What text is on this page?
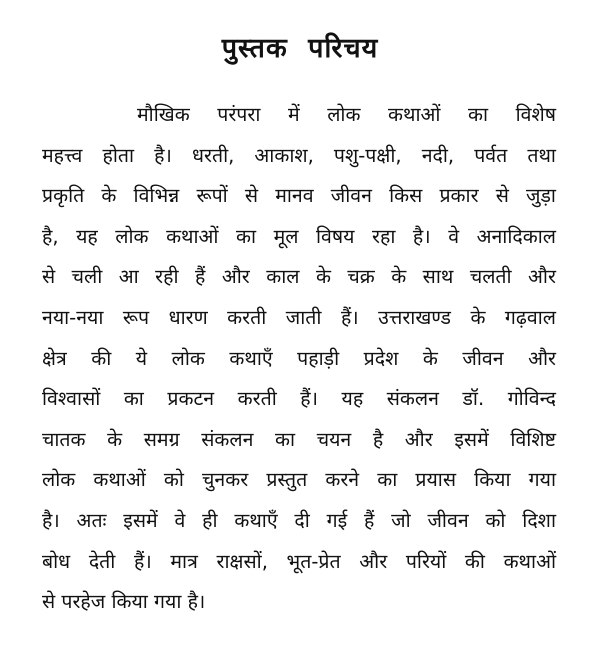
पुस्तक परिचय
मौखिक परंपरा में लोक कथाओं का विशेष
महत्त्व होता है। धरती, आकाश, पशु-पक्षी, नदी, पर्वत तथा
प्रकृति के विभिन्न रूपों से मानव जीवन किस प्रकार से जुड़ा
है, यह लोक कथाओं का मूल विषय रहा है। वे अनादिकाल
से चली आ रही हैं और काल के चक्र के साथ चलती और
नया-नया रूप धारण करती जाती हैं। उत्तराखण्ड के गढ़वाल
क्षेत्र की ये लोक कथाएँ पहाड़ी प्रदेश के जीवन और
विश्वासों का प्रकटन करती हैं। यह संकलन डॉ. गोविन्द
चातक के समग्र संकलन का चयन है और इसमें विशिष्ट
लोक कथाओं को चुनकर प्रस्तुत करने का प्रयास किया गया
है। अतः इसमें वे ही कथाएँ दी गई हैं जो जीवन को दिशा
बोध देती हैं। मात्र राक्षसों, भूत-प्रेत और परियों की कथाओं
से परहेज किया गया है।
